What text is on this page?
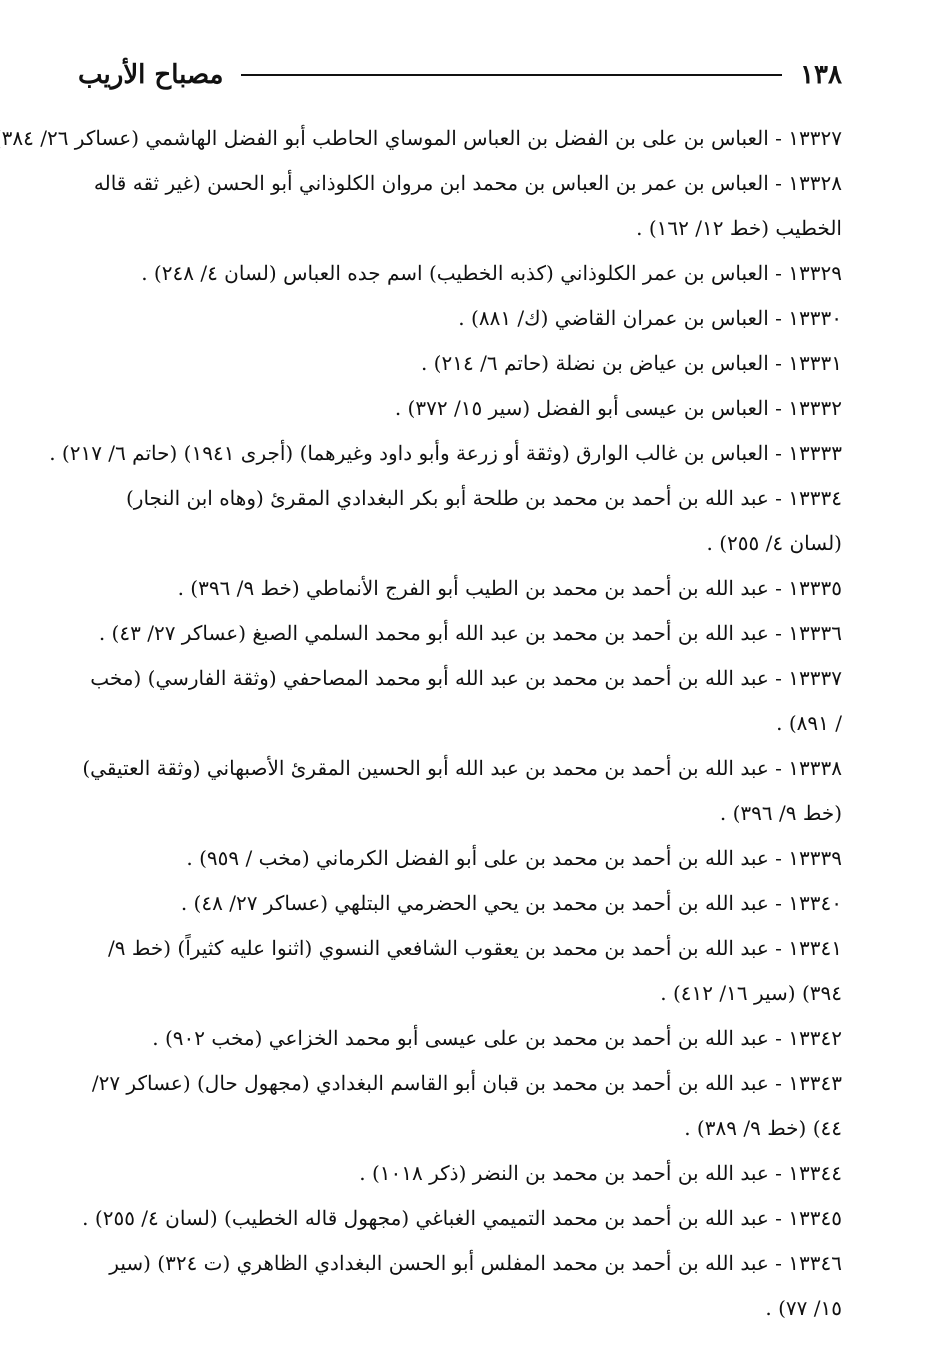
١٣٨
مصباح الأريب
١٣٣٢٧ - العباس بن على بن الفضل بن العباس الموساي الحاطب أبو الفضل الهاشمي (عساكر ٢٦/ ٣٨٤
١٣٣٢٨ - العباس بن عمر بن العباس بن محمد ابن مروان الكلوذاني أبو الحسن (غير ثقه قاله الخطيب (خط ١٢/ ١٦٢) .
١٣٣٢٩ - العباس بن عمر الكلوذاني (كذبه الخطيب) اسم جده العباس (لسان ٤/ ٢٤٨) .
١٣٣٣٠ - العباس بن عمران القاضي (ك/ ٨٨١) .
١٣٣٣١ - العباس بن عياض بن نضلة (حاتم ٦/ ٢١٤) .
١٣٣٣٢ - العباس بن عيسى أبو الفضل (سير ١٥/ ٣٧٢) .
١٣٣٣٣ - العباس بن غالب الوارق (وثقة أو زرعة وأبو داود وغيرهما) (أجرى ١٩٤١) (حاتم ٦/ ٢١٧) .
١٣٣٣٤ - عبد الله بن أحمد بن محمد بن طلحة أبو بكر البغدادي المقرئ (وهاه ابن النجار) (لسان ٤/ ٢٥٥) .
١٣٣٣٥ - عبد الله بن أحمد بن محمد بن الطيب أبو الفرج الأنماطي (خط ٩/ ٣٩٦) .
١٣٣٣٦ - عبد الله بن أحمد بن محمد بن عبد الله أبو محمد السلمي الصبغ (عساكر ٢٧/ ٤٣) .
١٣٣٣٧ - عبد الله بن أحمد بن محمد بن عبد الله أبو محمد المصاحفي (وثقة الفارسي) (مخب / ٨٩١) .
١٣٣٣٨ - عبد الله بن أحمد بن محمد بن عبد الله أبو الحسين المقرئ الأصبهاني (وثقة العتيقي) (خط ٩/ ٣٩٦) .
١٣٣٣٩ - عبد الله بن أحمد بن محمد بن على أبو الفضل الكرماني (مخب / ٩٥٩) .
١٣٣٤٠ - عبد الله بن أحمد بن محمد بن يحي الحضرمي البتلهي (عساكر ٢٧/ ٤٨) .
١٣٣٤١ - عبد الله بن أحمد بن محمد بن يعقوب الشافعي النسوي (اثنوا عليه كثيراً) (خط ٩/ ٣٩٤) (سير ١٦/ ٤١٢) .
١٣٣٤٢ - عبد الله بن أحمد بن محمد بن على عيسى أبو محمد الخزاعي (مخب ٩٠٢) .
١٣٣٤٣ - عبد الله بن أحمد بن محمد بن قبان أبو القاسم البغدادي (مجهول حال) (عساكر ٢٧/ ٤٤) (خط ٩/ ٣٨٩) .
١٣٣٤٤ - عبد الله بن أحمد بن محمد بن النضر (ذكر ١٠١٨) .
١٣٣٤٥ - عبد الله بن أحمد بن محمد التميمي الغباغي (مجهول قاله الخطيب) (لسان ٤/ ٢٥٥) .
١٣٣٤٦ - عبد الله بن أحمد بن محمد المفلس أبو الحسن البغدادي الظاهري (ت ٣٢٤) (سير ١٥/ ٧٧) .
